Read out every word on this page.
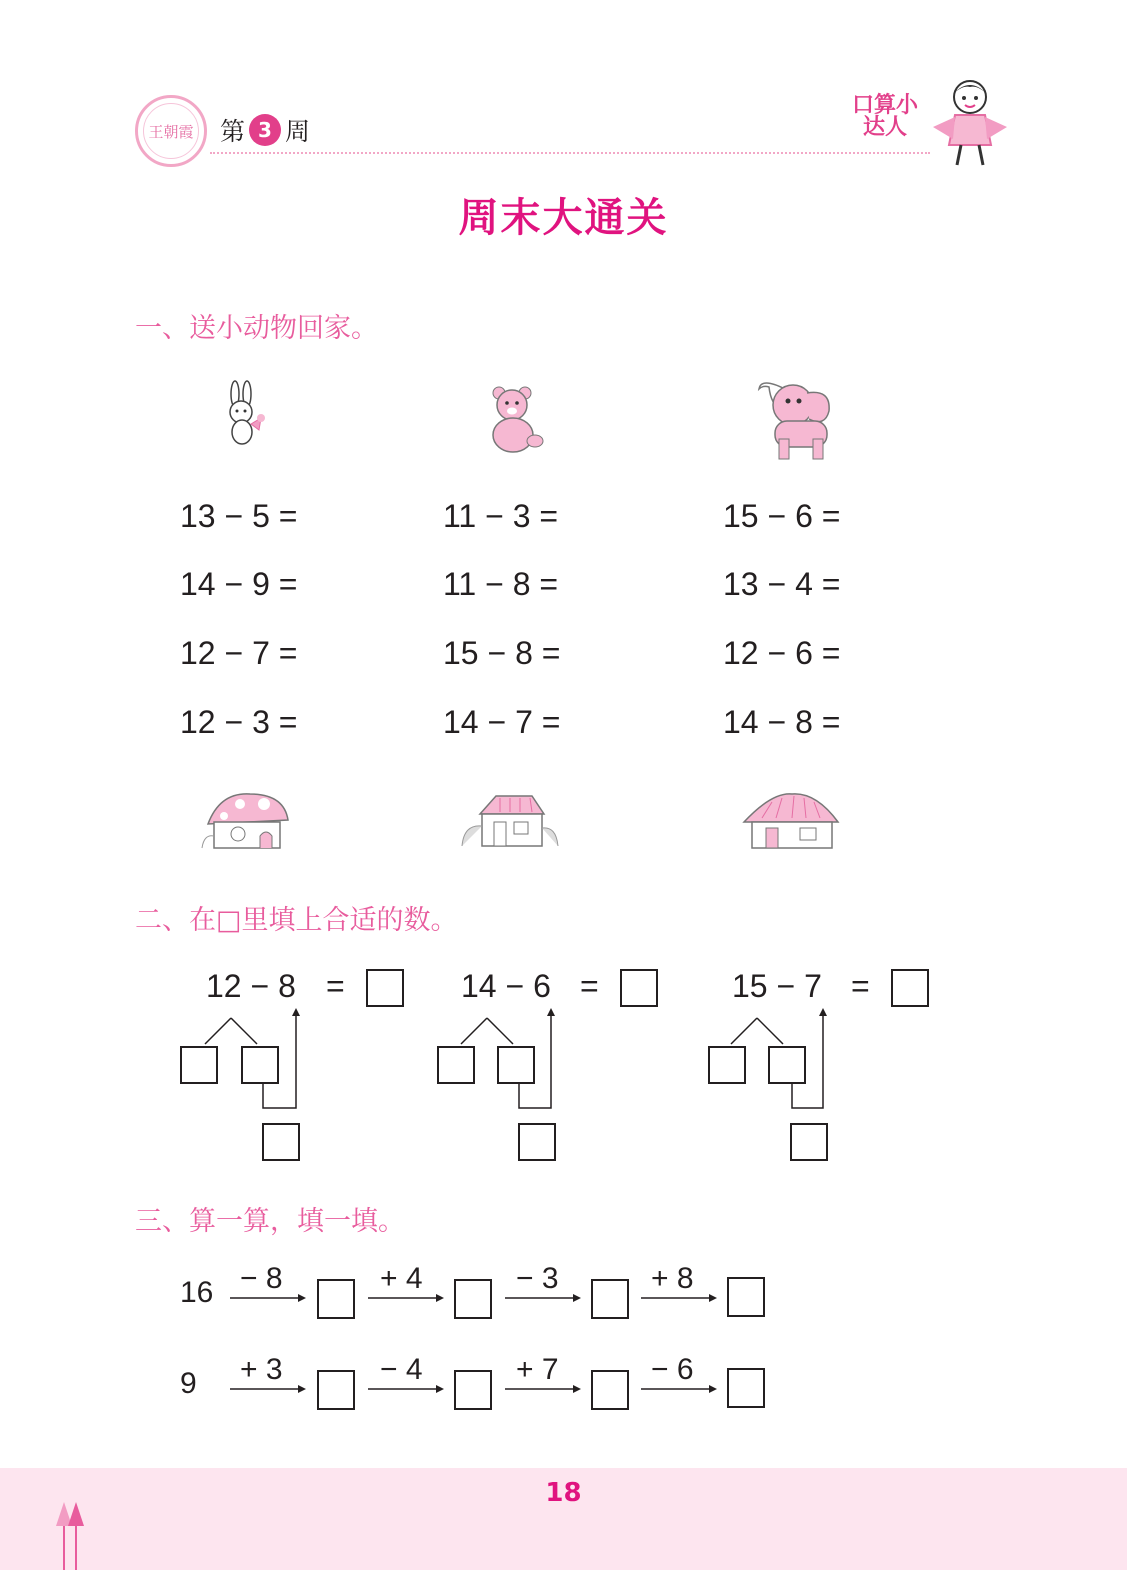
王朝霞 第 3 周
口算小达人
周末大通关
一、送小动物回家。
13 − 5 =
14 − 9 =
12 − 7 =
12 − 3 =
11 − 3 =
11 − 8 =
15 − 8 =
14 − 7 =
15 − 6 =
13 − 4 =
12 − 6 =
14 − 8 =
二、在□里填上合适的数。
12 − 8 =	14 − 6 =	15 − 7 =
三、算一算，填一填。
16 − 8	+ 4	− 3	+ 8
9 + 3	− 4	+ 7	− 6
18
